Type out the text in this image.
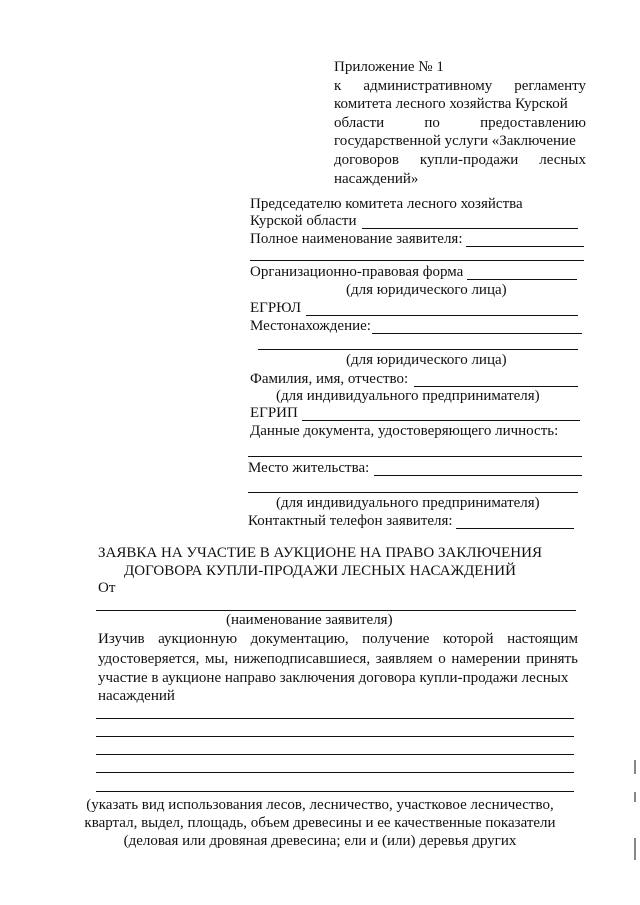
Приложение № 1
к административному регламенту
комитета лесного хозяйства Курской
области	по	предоставлению
государственной услуги «Заключение
договоров купли-продажи лесных
насаждений»
Председателю комитета лесного хозяйства
Курской области
Полное наименование заявителя:
Организационно-правовая форма
(для юридического лица)
ЕГРЮЛ
Местонахождение:
(для юридического лица)
Фамилия, имя, отчество:
(для индивидуального предпринимателя)
ЕГРИП
Данные документа, удостоверяющего личность:
Место жительства:
(для индивидуального предпринимателя)
Контактный телефон заявителя:
ЗАЯВКА НА УЧАСТИЕ В АУКЦИОНЕ НА ПРАВО ЗАКЛЮЧЕНИЯ
ДОГОВОРА КУПЛИ-ПРОДАЖИ ЛЕСНЫХ НАСАЖДЕНИЙ
От
(наименование заявителя)
Изучив аукционную документацию, получение которой настоящим
удостоверяется, мы, нижеподписавшиеся, заявляем о намерении принять
участие в аукционе направо заключения договора купли-продажи лесных
насаждений
(указать вид использования лесов, лесничество, участковое лесничество,
квартал, выдел, площадь, объем древесины и ее качественные показатели
(деловая или дровяная древесина; ели и (или) деревья других
